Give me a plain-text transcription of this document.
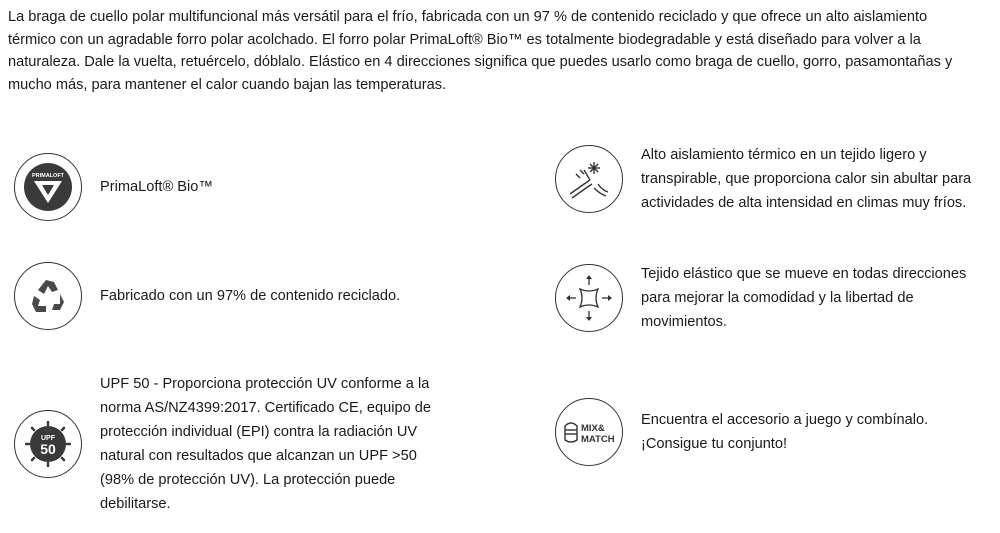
La braga de cuello polar multifuncional más versátil para el frío, fabricada con un 97 % de contenido reciclado y que ofrece un alto aislamiento térmico con un agradable forro polar acolchado. El forro polar PrimaLoft® Bio™ es totalmente biodegradable y está diseñado para volver a la naturaleza. Dale la vuelta, retuércelo, dóblalo. Elástico en 4 direcciones significa que puedes usarlo como braga de cuello, gorro, pasamontañas y mucho más, para mantener el calor cuando bajan las temperaturas.

PRIMALOFT
PrimaLoft® Bio™
Fabricado con un 97% de contenido reciclado.
UPF
50
UPF 50 - Proporciona protección UV conforme a la norma AS/NZ4399:2017. Certificado CE, equipo de protección individual (EPI) contra la radiación UV natural con resultados que alcanzan un UPF >50 (98% de protección UV). La protección puede debilitarse.
Alto aislamiento térmico en un tejido ligero y transpirable, que proporciona calor sin abultar para actividades de alta intensidad en climas muy fríos.
Tejido elástico que se mueve en todas direcciones para mejorar la comodidad y la libertad de movimientos.
MIX&
MATCH
Encuentra el accesorio a juego y combínalo. ¡Consigue tu conjunto!
